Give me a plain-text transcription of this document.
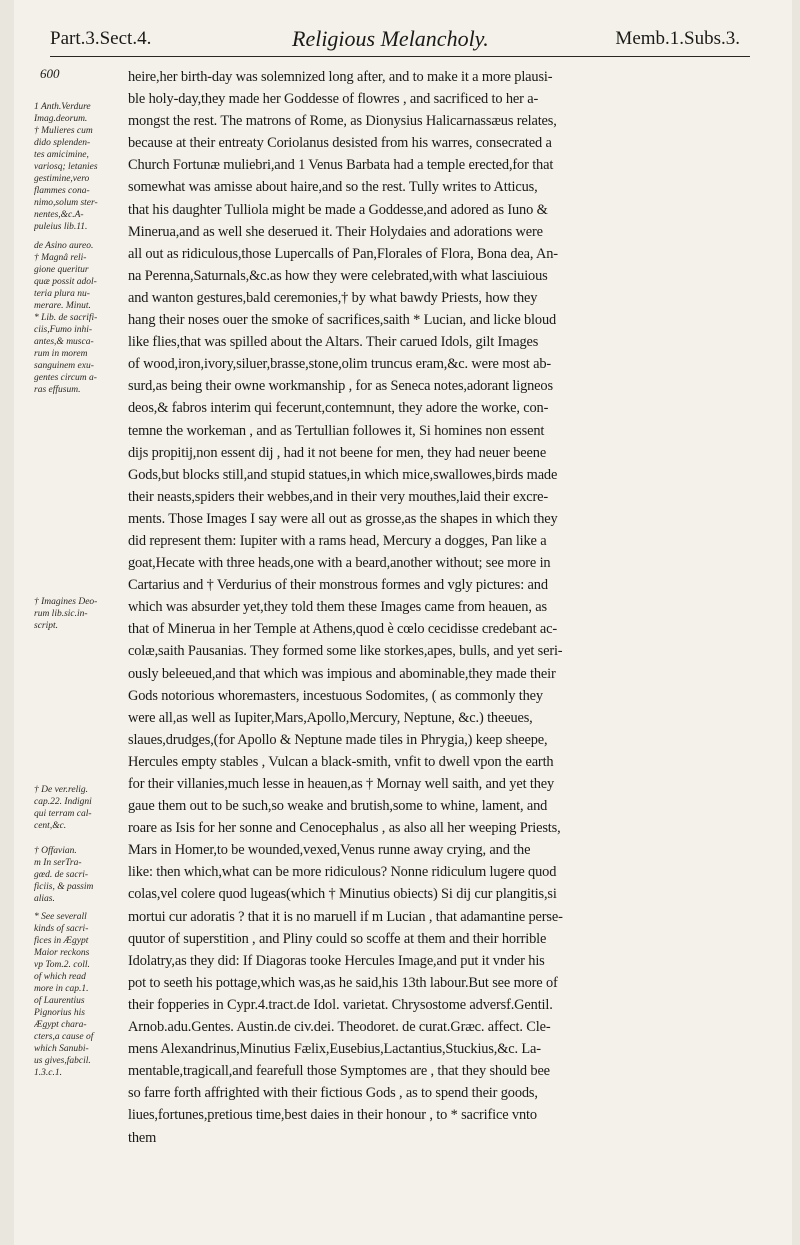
Part.3.Sect.4.	Religious Melancholy.	Memb.1.Subs.3.
600
1 Anth.Verdure
Imag.deorum.
† Mulieres cum
dido splenden-
tes amicimine,
variosq; letanies
gestimine,vero
flammes cona-
nimo,solum ster-
nentes,&c.A-
puleius lib.11.
de Asino aureo.
† Magnâ reli-
gione queritur
quæ possit adol-
teria plura nu-
merare. Minut.
* Lib. de sacrifi-
ciis,Fumo inhi-
antes,& musca-
rum in morem
sanguinem exu-
gentes circum a-
ras effusum.
† Imagines Deo-
rum lib.sic.in-
script.
† De ver.relig.
cap.22. Indigni
qui terram cal-
cent,&c.
† Offavian.
m In serTra-
gœd. de sacri-
ficiis, & passim
alias.
* See severall
kinds of sacri-
fices in Ægypt
Maior reckons
vp Tom.2. coll.
of which read
more in cap.1.
of Laurentius
Pignorius his
Ægypt chara-
cters,a cause of
which Sanubi-
us gives,fabcil.
1.3.c.1.
heire,her birth-day was solemnized long after, and to make it a more plausi-
ble holy-day,they made her Goddesse of flowres , and sacrificed to her a-
mongst the rest. The matrons of Rome, as Dionysius Halicarnassæus relates,
because at their entreaty Coriolanus desisted from his warres, consecrated a
Church Fortunæ muliebri,and 1 Venus Barbata had a temple erected,for that
somewhat was amisse about haire,and so the rest. Tully writes to Atticus,
that his daughter Tulliola might be made a Goddesse,and adored as Iuno &
Minerua,and as well she deserued it. Their Holydaies and adorations were
all out as ridiculous,those Lupercalls of Pan,Florales of Flora, Bona dea, An-
na Perenna,Saturnals,&c.as how they were celebrated,with what lasciuious
and wanton gestures,bald ceremonies,† by what bawdy Priests, how they
hang their noses ouer the smoke of sacrifices,saith * Lucian, and licke bloud
like flies,that was spilled about the Altars. Their carued Idols, gilt Images
of wood,iron,ivory,siluer,brasse,stone,olim truncus eram,&c. were most ab-
surd,as being their owne workmanship , for as Seneca notes,adorant ligneos
deos,& fabros interim qui fecerunt,contemnunt, they adore the worke, con-
temne the workeman , and as Tertullian followes it, Si homines non essent
dijs propitij,non essent dij , had it not beene for men, they had neuer beene
Gods,but blocks still,and stupid statues,in which mice,swallowes,birds made
their neasts,spiders their webbes,and in their very mouthes,laid their excre-
ments. Those Images I say were all out as grosse,as the shapes in which they
did represent them: Iupiter with a rams head, Mercury a dogges, Pan like a
goat,Hecate with three heads,one with a beard,another without; see more in
Cartarius and † Verdurius of their monstrous formes and vgly pictures: and
which was absurder yet,they told them these Images came from heauen, as
that of Minerua in her Temple at Athens,quod è cœlo cecidisse credebant ac-
colæ,saith Pausanias. They formed some like storkes,apes, bulls, and yet seri-
ously beleeued,and that which was impious and abominable,they made their
Gods notorious whoremasters, incestuous Sodomites, ( as commonly they
were all,as well as Iupiter,Mars,Apollo,Mercury, Neptune, &c.) theeues,
slaues,drudges,(for Apollo & Neptune made tiles in Phrygia,) keep sheepe,
Hercules empty stables , Vulcan a black-smith, vnfit to dwell vpon the earth
for their villanies,much lesse in heauen,as † Mornay well saith, and yet they
gaue them out to be such,so weake and brutish,some to whine, lament, and
roare as Isis for her sonne and Cenocephalus , as also all her weeping Priests,
Mars in Homer,to be wounded,vexed,Venus runne away crying, and the
like: then which,what can be more ridiculous? Nonne ridiculum lugere quod
colas,vel colere quod lugeas(which † Minutius obiects) Si dij cur plangitis,si
mortui cur adoratis ? that it is no maruell if m Lucian , that adamantine perse-
quutor of superstition , and Pliny could so scoffe at them and their horrible
Idolatry,as they did: If Diagoras tooke Hercules Image,and put it vnder his
pot to seeth his pottage,which was,as he said,his 13th labour.But see more of
their fopperies in Cypr.4.tract.de Idol. varietat. Chrysostome adversf.Gentil.
Arnob.adu.Gentes. Austin.de civ.dei. Theodoret. de curat.Græc. affect. Cle-
mens Alexandrinus,Minutius Fælix,Eusebius,Lactantius,Stuckius,&c. La-
mentable,tragicall,and fearefull those Symptomes are , that they should bee
so farre forth affrighted with their fictious Gods , as to spend their goods,
liues,fortunes,pretious time,best daies in their honour , to * sacrifice vnto
them
